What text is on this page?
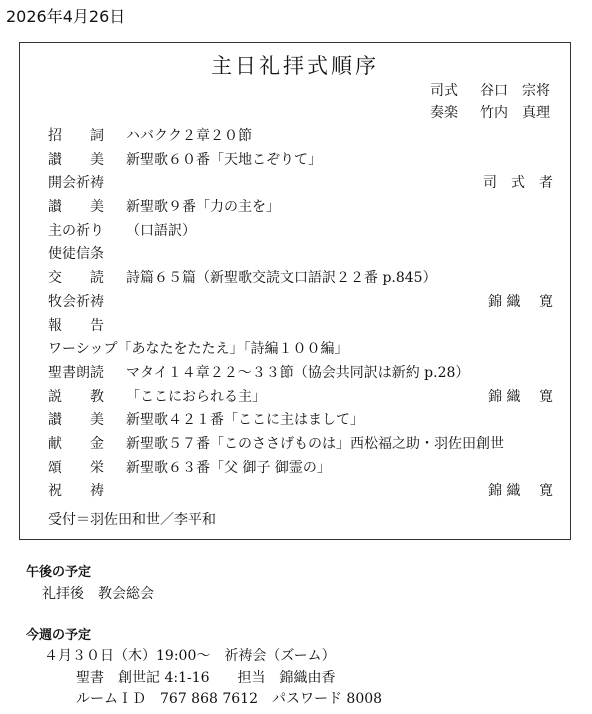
2026年4月26日
主日礼拝式順序
司式 谷口　宗将
奏楽 竹内　真理
招　　詞 ハバクク２章２０節
讃　　美 新聖歌６０番「天地こぞりて」
開会祈祷	司　式　者
讃　　美 新聖歌９番「力の主を」
主の祈り （口語訳）
使徒信条
交　　読 詩篇６５篇（新聖歌交読文口語訳２２番 p.845）
牧会祈祷	錦 織　 寛
報　　告
ワーシップ「あなたをたたえ」「詩編１００編」
聖書朗読 マタイ１４章２２～３３節（協会共同訳は新約 p.28）
説　　教 「ここにおられる主」	錦 織　 寛
讃　　美 新聖歌４２１番「ここに主はまして」
献　　金 新聖歌５７番「このささげものは」西松福之助・羽佐田創世
頌　　栄 新聖歌６３番「父 御子 御霊の」
祝　　祷	錦 織　 寛
受付＝羽佐田和世／李平和
午後の予定
礼拝後　教会総会
今週の予定
４月３０日（木）19:00～　祈祷会（ズーム）
聖書　創世記 4:1-16　　担当　錦織由香
ルームＩＤ　767 868 7612　パスワード 8008
